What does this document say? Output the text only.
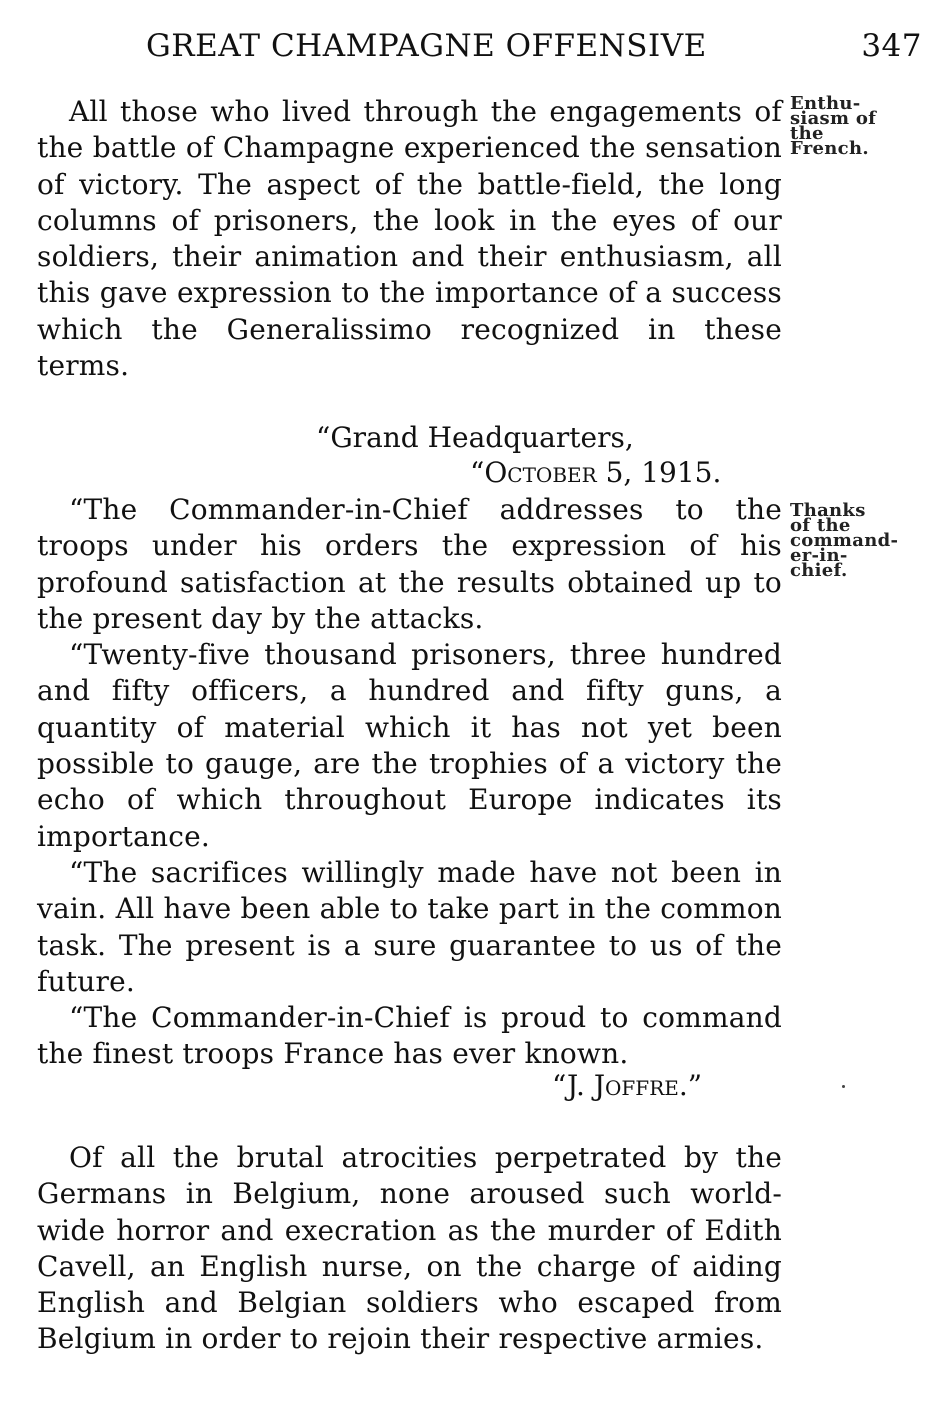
GREAT CHAMPAGNE OFFENSIVE	347
Enthu-
siasm of
the
French.
Thanks
of the
command-
er-in-
chief.

All those who lived through the engagements of the battle of Champagne experienced the sensation of victory. The aspect of the battle-field, the long columns of prisoners, the look in the eyes of our soldiers, their animation and their enthusiasm, all this gave expression to the importance of a success which the Generalissimo recognized in these terms.

“Grand Headquarters,
“October 5, 1915.

“The Commander-in-Chief addresses to the troops under his orders the expression of his profound satisfaction at the results obtained up to the present day by the attacks.

“Twenty-five thousand prisoners, three hundred and fifty officers, a hundred and fifty guns, a quantity of material which it has not yet been possible to gauge, are the trophies of a victory the echo of which throughout Europe indicates its importance.

“The sacrifices willingly made have not been in vain. All have been able to take part in the common task. The present is a sure guarantee to us of the future.

“The Commander-in-Chief is proud to command the finest troops France has ever known.

“J. Joffre.”

Of all the brutal atrocities perpetrated by the Germans in Belgium, none aroused such world-wide horror and execration as the murder of Edith Cavell, an English nurse, on the charge of aiding English and Belgian soldiers who escaped from Belgium in order to rejoin their respective armies.
